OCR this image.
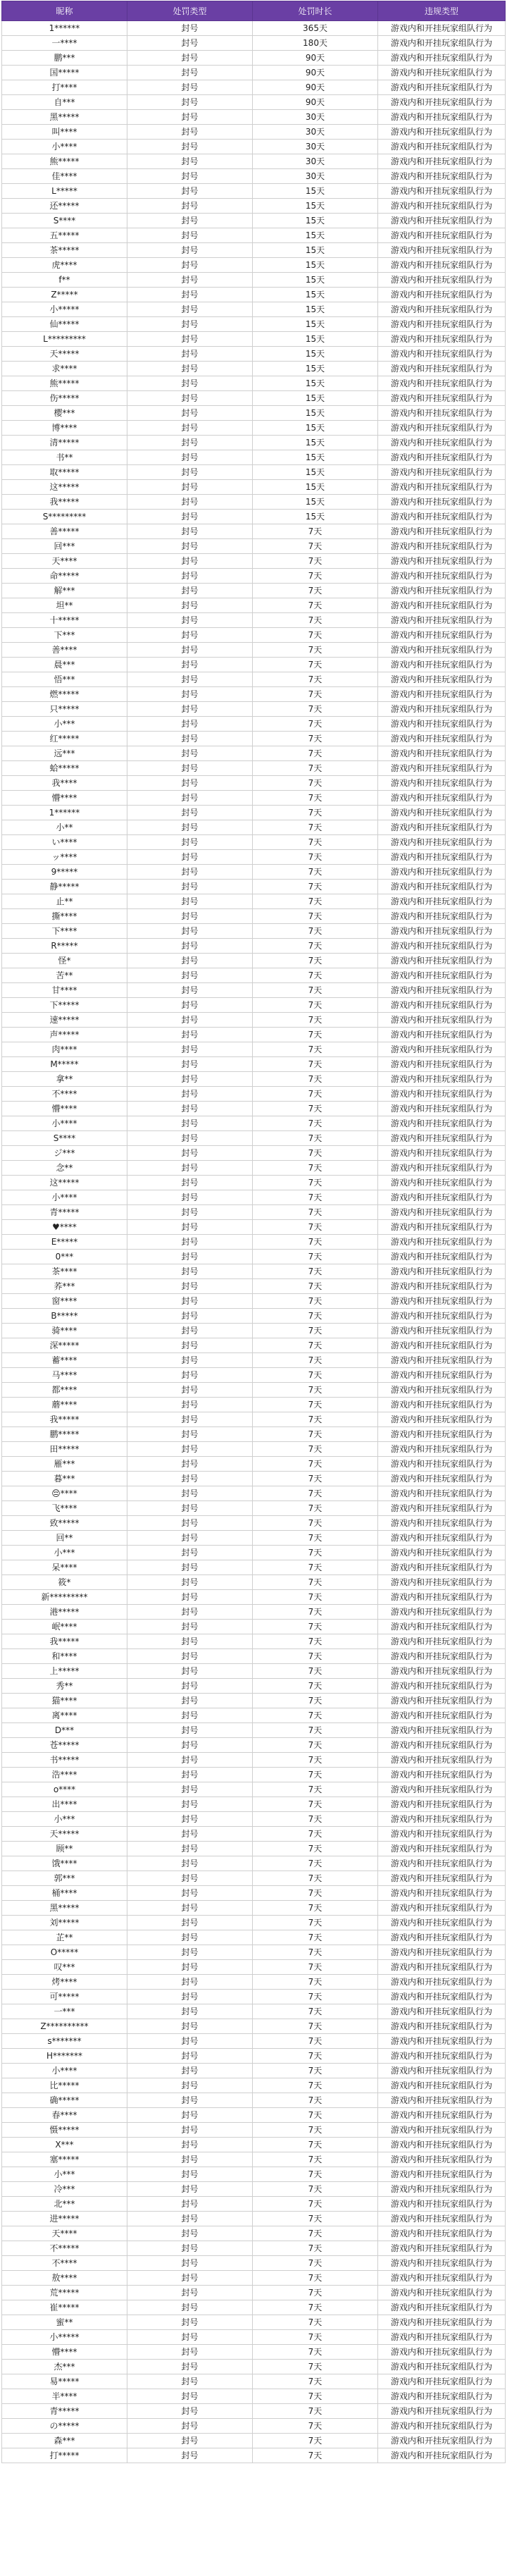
昵称	处罚类型	处罚时长	违规类型
1******	封号	365天	游戏内和开挂玩家组队行为
一****	封号	180天	游戏内和开挂玩家组队行为
鹏***	封号	90天	游戏内和开挂玩家组队行为
国*****	封号	90天	游戏内和开挂玩家组队行为
打****	封号	90天	游戏内和开挂玩家组队行为
自***	封号	90天	游戏内和开挂玩家组队行为
黑*****	封号	30天	游戏内和开挂玩家组队行为
叫****	封号	30天	游戏内和开挂玩家组队行为
小****	封号	30天	游戏内和开挂玩家组队行为
熊*****	封号	30天	游戏内和开挂玩家组队行为
佳****	封号	30天	游戏内和开挂玩家组队行为
L*****	封号	15天	游戏内和开挂玩家组队行为
还*****	封号	15天	游戏内和开挂玩家组队行为
S****	封号	15天	游戏内和开挂玩家组队行为
五*****	封号	15天	游戏内和开挂玩家组队行为
茶*****	封号	15天	游戏内和开挂玩家组队行为
虎****	封号	15天	游戏内和开挂玩家组队行为
f**	封号	15天	游戏内和开挂玩家组队行为
Z*****	封号	15天	游戏内和开挂玩家组队行为
小*****	封号	15天	游戏内和开挂玩家组队行为
仙*****	封号	15天	游戏内和开挂玩家组队行为
L*********	封号	15天	游戏内和开挂玩家组队行为
天*****	封号	15天	游戏内和开挂玩家组队行为
求****	封号	15天	游戏内和开挂玩家组队行为
熊*****	封号	15天	游戏内和开挂玩家组队行为
伤*****	封号	15天	游戏内和开挂玩家组队行为
樱***	封号	15天	游戏内和开挂玩家组队行为
博****	封号	15天	游戏内和开挂玩家组队行为
清*****	封号	15天	游戏内和开挂玩家组队行为
书**	封号	15天	游戏内和开挂玩家组队行为
取*****	封号	15天	游戏内和开挂玩家组队行为
这*****	封号	15天	游戏内和开挂玩家组队行为
我*****	封号	15天	游戏内和开挂玩家组队行为
S*********	封号	15天	游戏内和开挂玩家组队行为
善*****	封号	7天	游戏内和开挂玩家组队行为
回***	封号	7天	游戏内和开挂玩家组队行为
天****	封号	7天	游戏内和开挂玩家组队行为
命*****	封号	7天	游戏内和开挂玩家组队行为
解***	封号	7天	游戏内和开挂玩家组队行为
坦**	封号	7天	游戏内和开挂玩家组队行为
十*****	封号	7天	游戏内和开挂玩家组队行为
下***	封号	7天	游戏内和开挂玩家组队行为
善****	封号	7天	游戏内和开挂玩家组队行为
晨***	封号	7天	游戏内和开挂玩家组队行为
悟***	封号	7天	游戏内和开挂玩家组队行为
燃*****	封号	7天	游戏内和开挂玩家组队行为
只*****	封号	7天	游戏内和开挂玩家组队行为
小***	封号	7天	游戏内和开挂玩家组队行为
红*****	封号	7天	游戏内和开挂玩家组队行为
远***	封号	7天	游戏内和开挂玩家组队行为
蛤*****	封号	7天	游戏内和开挂玩家组队行为
我****	封号	7天	游戏内和开挂玩家组队行为
懵****	封号	7天	游戏内和开挂玩家组队行为
1******	封号	7天	游戏内和开挂玩家组队行为
小**	封号	7天	游戏内和开挂玩家组队行为
い****	封号	7天	游戏内和开挂玩家组队行为
ッ****	封号	7天	游戏内和开挂玩家组队行为
9*****	封号	7天	游戏内和开挂玩家组队行为
静*****	封号	7天	游戏内和开挂玩家组队行为
止**	封号	7天	游戏内和开挂玩家组队行为
撕****	封号	7天	游戏内和开挂玩家组队行为
下****	封号	7天	游戏内和开挂玩家组队行为
R*****	封号	7天	游戏内和开挂玩家组队行为
怪*	封号	7天	游戏内和开挂玩家组队行为
苦**	封号	7天	游戏内和开挂玩家组队行为
甘****	封号	7天	游戏内和开挂玩家组队行为
下*****	封号	7天	游戏内和开挂玩家组队行为
速*****	封号	7天	游戏内和开挂玩家组队行为
声*****	封号	7天	游戏内和开挂玩家组队行为
肉****	封号	7天	游戏内和开挂玩家组队行为
M*****	封号	7天	游戏内和开挂玩家组队行为
拿**	封号	7天	游戏内和开挂玩家组队行为
不****	封号	7天	游戏内和开挂玩家组队行为
懵****	封号	7天	游戏内和开挂玩家组队行为
小****	封号	7天	游戏内和开挂玩家组队行为
S****	封号	7天	游戏内和开挂玩家组队行为
ジ***	封号	7天	游戏内和开挂玩家组队行为
念**	封号	7天	游戏内和开挂玩家组队行为
这*****	封号	7天	游戏内和开挂玩家组队行为
小****	封号	7天	游戏内和开挂玩家组队行为
青*****	封号	7天	游戏内和开挂玩家组队行为
♥****	封号	7天	游戏内和开挂玩家组队行为
E*****	封号	7天	游戏内和开挂玩家组队行为
0***	封号	7天	游戏内和开挂玩家组队行为
茶****	封号	7天	游戏内和开挂玩家组队行为
荞***	封号	7天	游戏内和开挂玩家组队行为
窗****	封号	7天	游戏内和开挂玩家组队行为
B*****	封号	7天	游戏内和开挂玩家组队行为
骑****	封号	7天	游戏内和开挂玩家组队行为
深*****	封号	7天	游戏内和开挂玩家组队行为
蓄****	封号	7天	游戏内和开挂玩家组队行为
马****	封号	7天	游戏内和开挂玩家组队行为
都****	封号	7天	游戏内和开挂玩家组队行为
蘑****	封号	7天	游戏内和开挂玩家组队行为
我*****	封号	7天	游戏内和开挂玩家组队行为
鹏*****	封号	7天	游戏内和开挂玩家组队行为
田*****	封号	7天	游戏内和开挂玩家组队行为
雁***	封号	7天	游戏内和开挂玩家组队行为
暮***	封号	7天	游戏内和开挂玩家组队行为
😔****	封号	7天	游戏内和开挂玩家组队行为
飞****	封号	7天	游戏内和开挂玩家组队行为
致*****	封号	7天	游戏内和开挂玩家组队行为
回**	封号	7天	游戏内和开挂玩家组队行为
小***	封号	7天	游戏内和开挂玩家组队行为
呆****	封号	7天	游戏内和开挂玩家组队行为
筱*	封号	7天	游戏内和开挂玩家组队行为
新*********	封号	7天	游戏内和开挂玩家组队行为
港*****	封号	7天	游戏内和开挂玩家组队行为
岷****	封号	7天	游戏内和开挂玩家组队行为
我*****	封号	7天	游戏内和开挂玩家组队行为
和****	封号	7天	游戏内和开挂玩家组队行为
上*****	封号	7天	游戏内和开挂玩家组队行为
秀**	封号	7天	游戏内和开挂玩家组队行为
猫****	封号	7天	游戏内和开挂玩家组队行为
离****	封号	7天	游戏内和开挂玩家组队行为
D***	封号	7天	游戏内和开挂玩家组队行为
苍*****	封号	7天	游戏内和开挂玩家组队行为
书*****	封号	7天	游戏内和开挂玩家组队行为
浩****	封号	7天	游戏内和开挂玩家组队行为
o****	封号	7天	游戏内和开挂玩家组队行为
出****	封号	7天	游戏内和开挂玩家组队行为
小***	封号	7天	游戏内和开挂玩家组队行为
天*****	封号	7天	游戏内和开挂玩家组队行为
顾**	封号	7天	游戏内和开挂玩家组队行为
饿****	封号	7天	游戏内和开挂玩家组队行为
郭***	封号	7天	游戏内和开挂玩家组队行为
桶****	封号	7天	游戏内和开挂玩家组队行为
黑*****	封号	7天	游戏内和开挂玩家组队行为
刘*****	封号	7天	游戏内和开挂玩家组队行为
芷**	封号	7天	游戏内和开挂玩家组队行为
O*****	封号	7天	游戏内和开挂玩家组队行为
叹***	封号	7天	游戏内和开挂玩家组队行为
烤****	封号	7天	游戏内和开挂玩家组队行为
可*****	封号	7天	游戏内和开挂玩家组队行为
一***	封号	7天	游戏内和开挂玩家组队行为
Z**********	封号	7天	游戏内和开挂玩家组队行为
s*******	封号	7天	游戏内和开挂玩家组队行为
H*******	封号	7天	游戏内和开挂玩家组队行为
小****	封号	7天	游戏内和开挂玩家组队行为
比*****	封号	7天	游戏内和开挂玩家组队行为
确*****	封号	7天	游戏内和开挂玩家组队行为
春****	封号	7天	游戏内和开挂玩家组队行为
慑*****	封号	7天	游戏内和开挂玩家组队行为
X***	封号	7天	游戏内和开挂玩家组队行为
塞*****	封号	7天	游戏内和开挂玩家组队行为
小***	封号	7天	游戏内和开挂玩家组队行为
冷***	封号	7天	游戏内和开挂玩家组队行为
北***	封号	7天	游戏内和开挂玩家组队行为
进*****	封号	7天	游戏内和开挂玩家组队行为
天****	封号	7天	游戏内和开挂玩家组队行为
不*****	封号	7天	游戏内和开挂玩家组队行为
不****	封号	7天	游戏内和开挂玩家组队行为
敖****	封号	7天	游戏内和开挂玩家组队行为
荒*****	封号	7天	游戏内和开挂玩家组队行为
崔*****	封号	7天	游戏内和开挂玩家组队行为
蜜**	封号	7天	游戏内和开挂玩家组队行为
小*****	封号	7天	游戏内和开挂玩家组队行为
懵****	封号	7天	游戏内和开挂玩家组队行为
杰***	封号	7天	游戏内和开挂玩家组队行为
易*****	封号	7天	游戏内和开挂玩家组队行为
半****	封号	7天	游戏内和开挂玩家组队行为
青*****	封号	7天	游戏内和开挂玩家组队行为
の*****	封号	7天	游戏内和开挂玩家组队行为
森***	封号	7天	游戏内和开挂玩家组队行为
打*****	封号	7天	游戏内和开挂玩家组队行为
